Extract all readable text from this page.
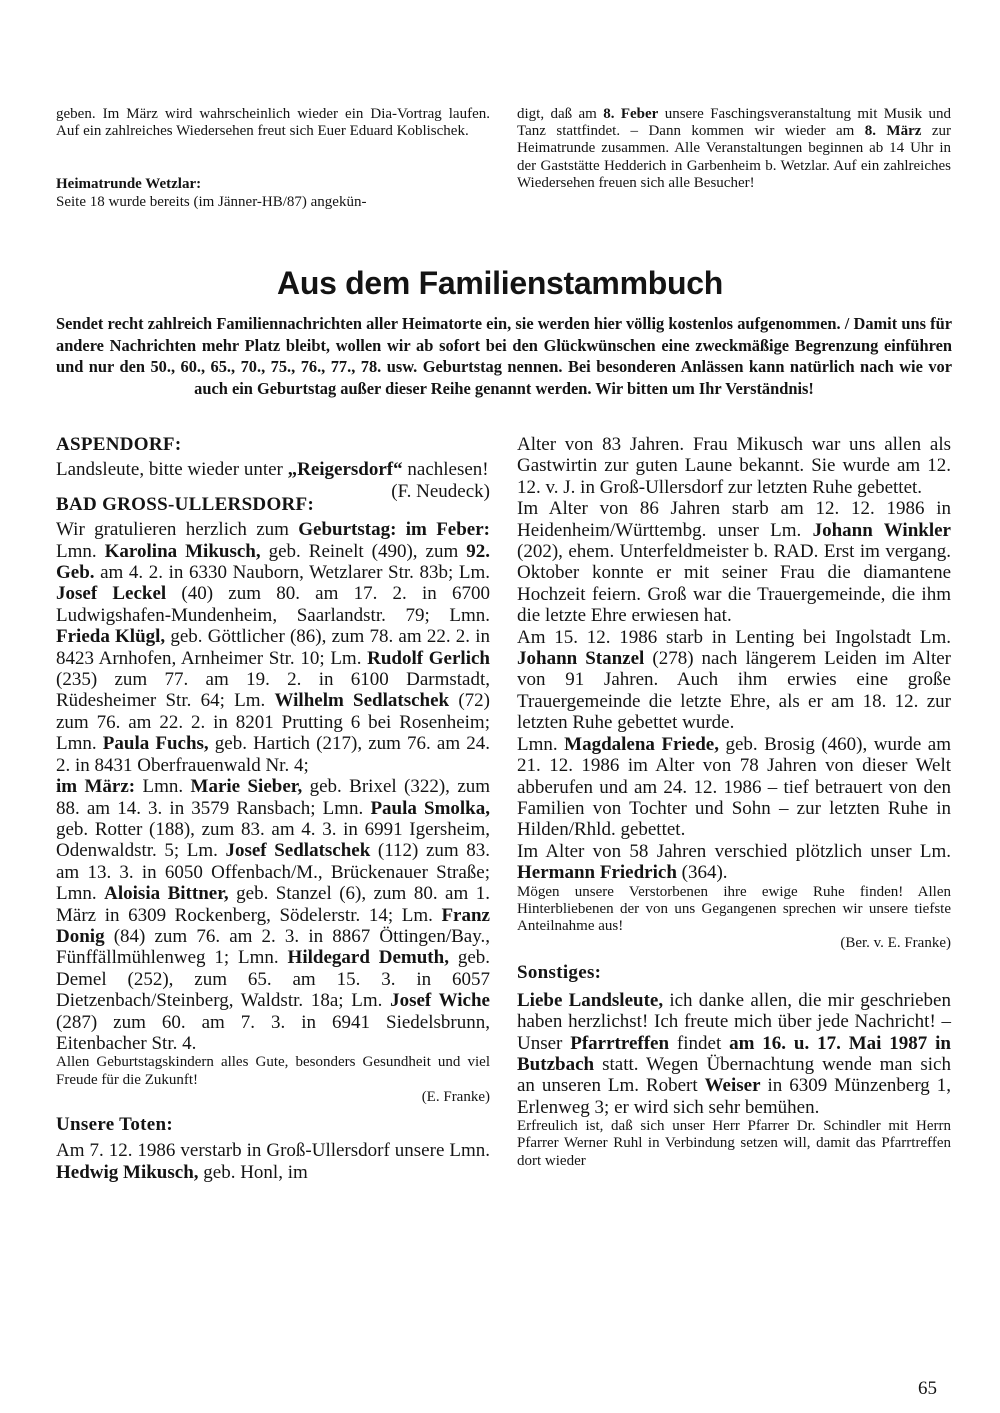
geben. Im März wird wahrscheinlich wieder ein Dia-Vortrag laufen. Auf ein zahlreiches Wiedersehen freut sich Euer Eduard Koblischek.

Heimatrunde Wetzlar:

Seite 18 wurde bereits (im Jänner-HB/87) angekün-

digt, daß am 8. Feber unsere Faschingsveranstaltung mit Musik und Tanz stattfindet. – Dann kommen wir wieder am 8. März zur Heimatrunde zusammen. Alle Veranstaltungen beginnen ab 14 Uhr in der Gaststätte Hedderich in Garbenheim b. Wetzlar. Auf ein zahlreiches Wiedersehen freuen sich alle Besucher!

Aus dem Familienstammbuch
Sendet recht zahlreich Familiennachrichten aller Heimatorte ein, sie werden hier völlig kostenlos aufgenommen. / Damit uns für andere Nachrichten mehr Platz bleibt, wollen wir ab sofort bei den Glückwünschen eine zweckmäßige Begrenzung einführen und nur den 50., 60., 65., 70., 75., 76., 77., 78. usw. Geburtstag nennen. Bei besonderen Anlässen kann natürlich nach wie vor auch ein Geburtstag außer dieser Reihe genannt werden. Wir bitten um Ihr Verständnis!

ASPENDORF:

Landsleute, bitte wieder unter „Reigersdorf“ nachlesen!
(F. Neudeck)

BAD GROSS-ULLERSDORF:

Wir gratulieren herzlich zum Geburtstag: im Feber: Lmn. Karolina Mikusch, geb. Reinelt (490), zum 92. Geb. am 4. 2. in 6330 Nauborn, Wetzlarer Str. 83b; Lm. Josef Leckel (40) zum 80. am 17. 2. in 6700 Ludwigshafen-Mundenheim, Saarlandstr. 79; Lmn. Frieda Klügl, geb. Göttlicher (86), zum 78. am 22. 2. in 8423 Arnhofen, Arnheimer Str. 10; Lm. Rudolf Gerlich (235) zum 77. am 19. 2. in 6100 Darmstadt, Rüdesheimer Str. 64; Lm. Wilhelm Sedlatschek (72) zum 76. am 22. 2. in 8201 Prutting 6 bei Rosenheim; Lmn. Paula Fuchs, geb. Hartich (217), zum 76. am 24. 2. in 8431 Oberfrauenwald Nr. 4;

im März: Lmn. Marie Sieber, geb. Brixel (322), zum 88. am 14. 3. in 3579 Ransbach; Lmn. Paula Smolka, geb. Rotter (188), zum 83. am 4. 3. in 6991 Igersheim, Odenwaldstr. 5; Lm. Josef Sedlatschek (112) zum 83. am 13. 3. in 6050 Offenbach/M., Brückenauer Straße; Lmn. Aloisia Bittner, geb. Stanzel (6), zum 80. am 1. März in 6309 Rockenberg, Södelerstr. 14; Lm. Franz Donig (84) zum 76. am 2. 3. in 8867 Öttingen/Bay., Fünffällmühlenweg 1; Lmn. Hildegard Demuth, geb. Demel (252), zum 65. am 15. 3. in 6057 Dietzenbach/Steinberg, Waldstr. 18a; Lm. Josef Wiche (287) zum 60. am 7. 3. in 6941 Siedelsbrunn, Eitenbacher Str. 4.

Allen Geburtstagskindern alles Gute, besonders Gesundheit und viel Freude für die Zukunft!

(E. Franke)

Unsere Toten:

Am 7. 12. 1986 verstarb in Groß-Ullersdorf unsere Lmn. Hedwig Mikusch, geb. Honl, im

Alter von 83 Jahren. Frau Mikusch war uns allen als Gastwirtin zur guten Laune bekannt. Sie wurde am 12. 12. v. J. in Groß-Ullersdorf zur letzten Ruhe gebettet.

Im Alter von 86 Jahren starb am 12. 12. 1986 in Heidenheim/Württembg. unser Lm. Johann Winkler (202), ehem. Unterfeldmeister b. RAD. Erst im vergang. Oktober konnte er mit seiner Frau die diamantene Hochzeit feiern. Groß war die Trauergemeinde, die ihm die letzte Ehre erwiesen hat.

Am 15. 12. 1986 starb in Lenting bei Ingolstadt Lm. Johann Stanzel (278) nach längerem Leiden im Alter von 91 Jahren. Auch ihm erwies eine große Trauergemeinde die letzte Ehre, als er am 18. 12. zur letzten Ruhe gebettet wurde.

Lmn. Magdalena Friede, geb. Brosig (460), wurde am 21. 12. 1986 im Alter von 78 Jahren von dieser Welt abberufen und am 24. 12. 1986 – tief betrauert von den Familien von Tochter und Sohn – zur letzten Ruhe in Hilden/Rhld. gebettet.

Im Alter von 58 Jahren verschied plötzlich unser Lm. Hermann Friedrich (364).

Mögen unsere Verstorbenen ihre ewige Ruhe finden! Allen Hinterbliebenen der von uns Gegangenen sprechen wir unsere tiefste Anteilnahme aus!

(Ber. v. E. Franke)

Sonstiges:

Liebe Landsleute, ich danke allen, die mir geschrieben haben herzlichst! Ich freute mich über jede Nachricht! – Unser Pfarrtreffen findet am 16. u. 17. Mai 1987 in Butzbach statt. Wegen Übernachtung wende man sich an unseren Lm. Robert Weiser in 6309 Münzenberg 1, Erlenweg 3; er wird sich sehr bemühen.

Erfreulich ist, daß sich unser Herr Pfarrer Dr. Schindler mit Herrn Pfarrer Werner Ruhl in Verbindung setzen will, damit das Pfarrtreffen dort wieder

65
